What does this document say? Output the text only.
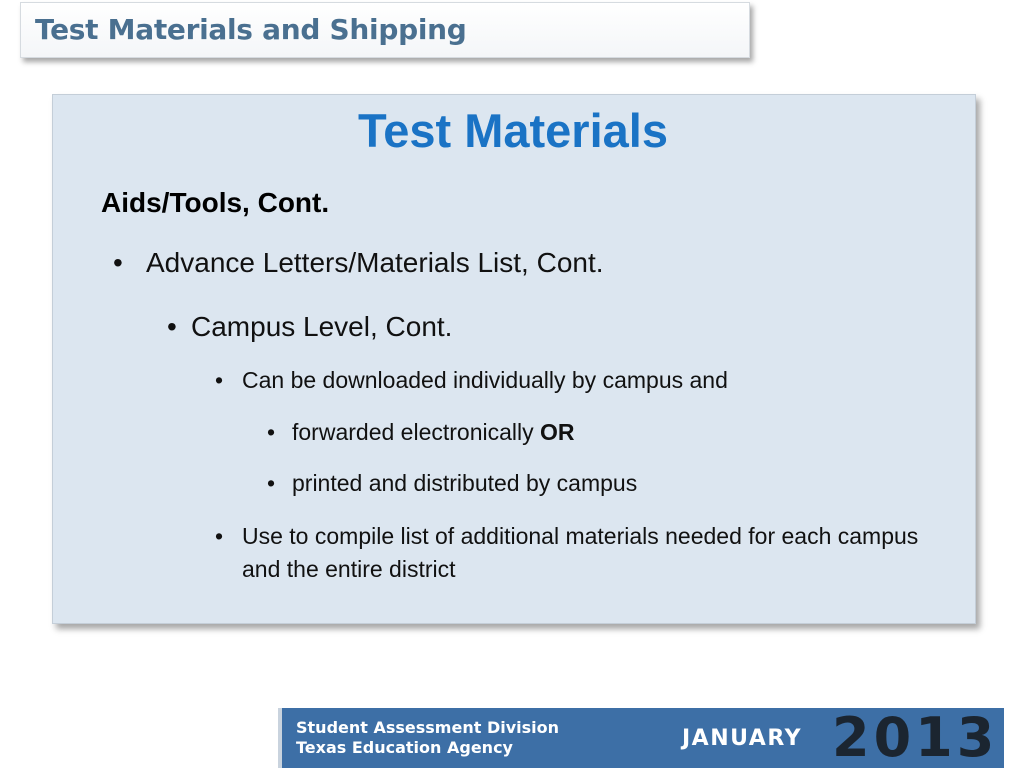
Test Materials and Shipping
Test Materials
Aids/Tools, Cont.
• Advance Letters/Materials List, Cont.
• Campus Level, Cont.
• Can be downloaded individually by campus and
• forwarded electronically OR
• printed and distributed by campus
• Use to compile list of additional materials needed for each campus and the entire district
Student Assessment Division
Texas Education Agency	JANUARY 2013
